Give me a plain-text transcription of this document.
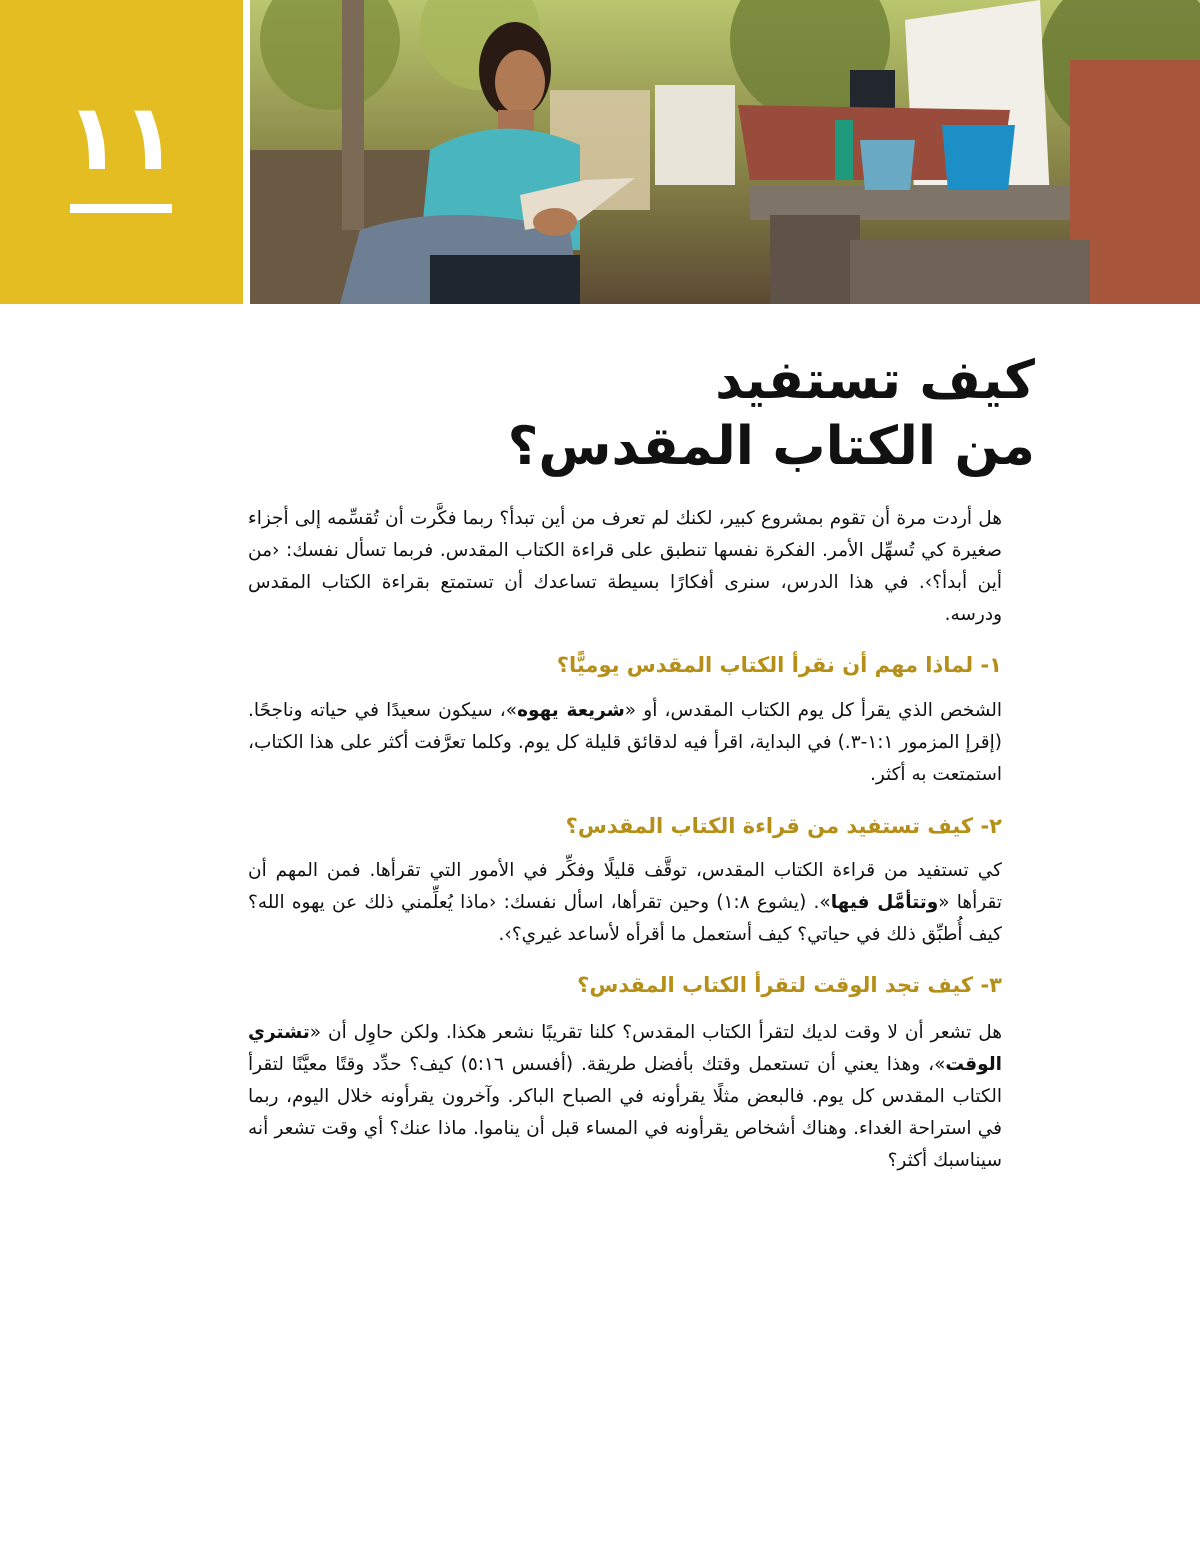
١١
كيف تستفيد
من الكتاب المقدس؟

هل أردت مرة أن تقوم بمشروع كبير، لكنك لم تعرف من أين تبدأ؟ ربما فكَّرت أن تُقسِّمه إلى أجزاء صغيرة كي تُسهِّل الأمر. الفكرة نفسها تنطبق على قراءة الكتاب المقدس. فربما تسأل نفسك: ‹من أين أبدأ؟›. في هذا الدرس، سنرى أفكارًا بسيطة تساعدك أن تستمتع بقراءة الكتاب المقدس ودرسه.

١- لماذا مهم أن نقرأ الكتاب المقدس يوميًّا؟

الشخص الذي يقرأ كل يوم الكتاب المقدس، أو «شريعة يهوه»، سيكون سعيدًا في حياته وناجحًا. (إقرإ المزمور ١:١-٣.) في البداية، اقرأ فيه لدقائق قليلة كل يوم. وكلما تعرَّفت أكثر على هذا الكتاب، استمتعت به أكثر.

٢- كيف تستفيد من قراءة الكتاب المقدس؟

كي تستفيد من قراءة الكتاب المقدس، توقَّف قليلًا وفكِّر في الأمور التي تقرأها. فمن المهم أن تقرأها «وتتأمَّل فيها». (يشوع ١:٨) وحين تقرأها، اسأل نفسك: ‹ماذا يُعلِّمني ذلك عن يهوه الله؟ كيف أُطبِّق ذلك في حياتي؟ كيف أستعمل ما أقرأه لأساعد غيري؟›.

٣- كيف تجد الوقت لتقرأ الكتاب المقدس؟

هل تشعر أن لا وقت لديك لتقرأ الكتاب المقدس؟ كلنا تقريبًا نشعر هكذا. ولكن حاوِل أن «تشتري الوقت»، وهذا يعني أن تستعمل وقتك بأفضل طريقة. (أفسس ٥:١٦) كيف؟ حدِّد وقتًا معيَّنًا لتقرأ الكتاب المقدس كل يوم. فالبعض مثلًا يقرأونه في الصباح الباكر. وآخرون يقرأونه خلال اليوم، ربما في استراحة الغداء. وهناك أشخاص يقرأونه في المساء قبل أن يناموا. ماذا عنك؟ أي وقت تشعر أنه سيناسبك أكثر؟
